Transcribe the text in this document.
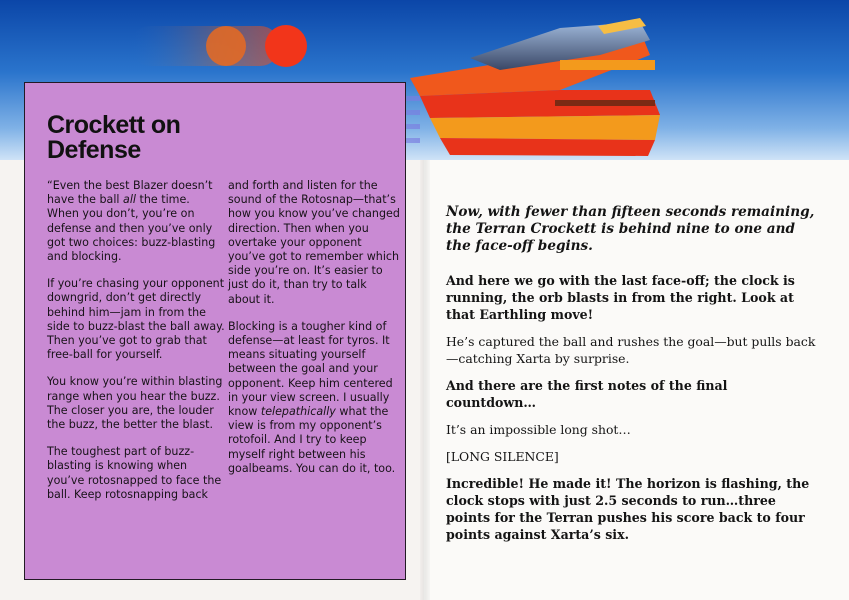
Crockett on Defense

“Even the best Blazer doesn’t have the ball all the time. When you don’t, you’re on defense and then you’ve only got two choices: buzz-blasting and blocking.

If you’re chasing your opponent downgrid, don’t get directly behind him—jam in from the side to buzz-blast the ball away. Then you’ve got to grab that free-ball for yourself.

You know you’re within blasting range when you hear the buzz. The closer you are, the louder the buzz, the better the blast.

The toughest part of buzz-blasting is knowing when you’ve rotosnapped to face the ball. Keep rotosnapping back

and forth and listen for the sound of the Rotosnap—that’s how you know you’ve changed direction. Then when you overtake your opponent you’ve got to remember which side you’re on. It’s easier to just do it, than try to talk about it.

Blocking is a tougher kind of defense—at least for tyros. It means situating yourself between the goal and your opponent. Keep him centered in your view screen. I usually know telepathically what the view is from my opponent’s rotofoil. And I try to keep myself right between his goalbeams. You can do it, too.

Now, with fewer than fifteen seconds remaining, the Terran Crockett is behind nine to one and the face-off begins.

And here we go with the last face-off; the clock is running, the orb blasts in from the right. Look at that Earthling move!

He’s captured the ball and rushes the goal—but pulls back—catching Xarta by surprise.

And there are the first notes of the final countdown…

It’s an impossible long shot…

[LONG SILENCE]

Incredible! He made it! The horizon is flashing, the clock stops with just 2.5 seconds to run…three points for the Terran pushes his score back to four points against Xarta’s six.
